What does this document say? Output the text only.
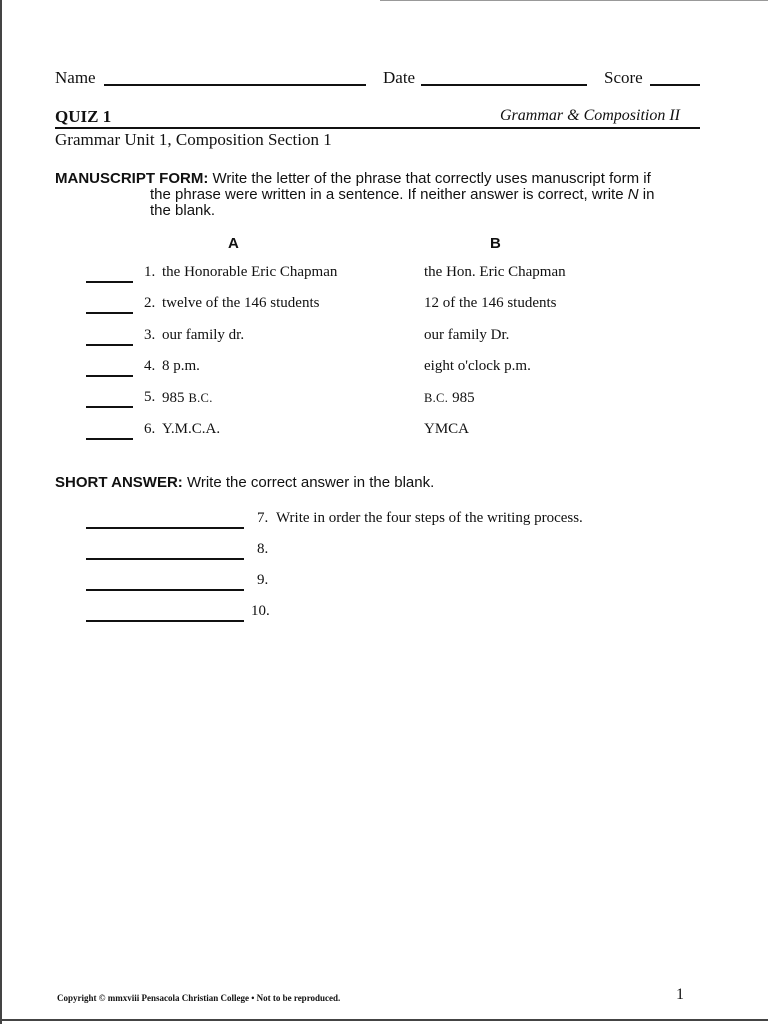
Name	Date	Score
QUIZ 1	Grammar & Composition II
Grammar Unit 1, Composition Section 1
MANUSCRIPT FORM: Write the letter of the phrase that correctly uses manuscript form if
the phrase were written in a sentence. If neither answer is correct, write N in
the blank.
A	B
1. the Honorable Eric Chapman	the Hon. Eric Chapman
2. twelve of the 146 students	12 of the 146 students
3. our family dr.	our family Dr.
4. 8 p.m.	eight o'clock p.m.
5. 985 B.C.	B.C. 985
6. Y.M.C.A.	YMCA
SHORT ANSWER: Write the correct answer in the blank.
7. Write in order the four steps of the writing process.
8.
9.
10.
Copyright © mmxviii Pensacola Christian College • Not to be reproduced.	1
